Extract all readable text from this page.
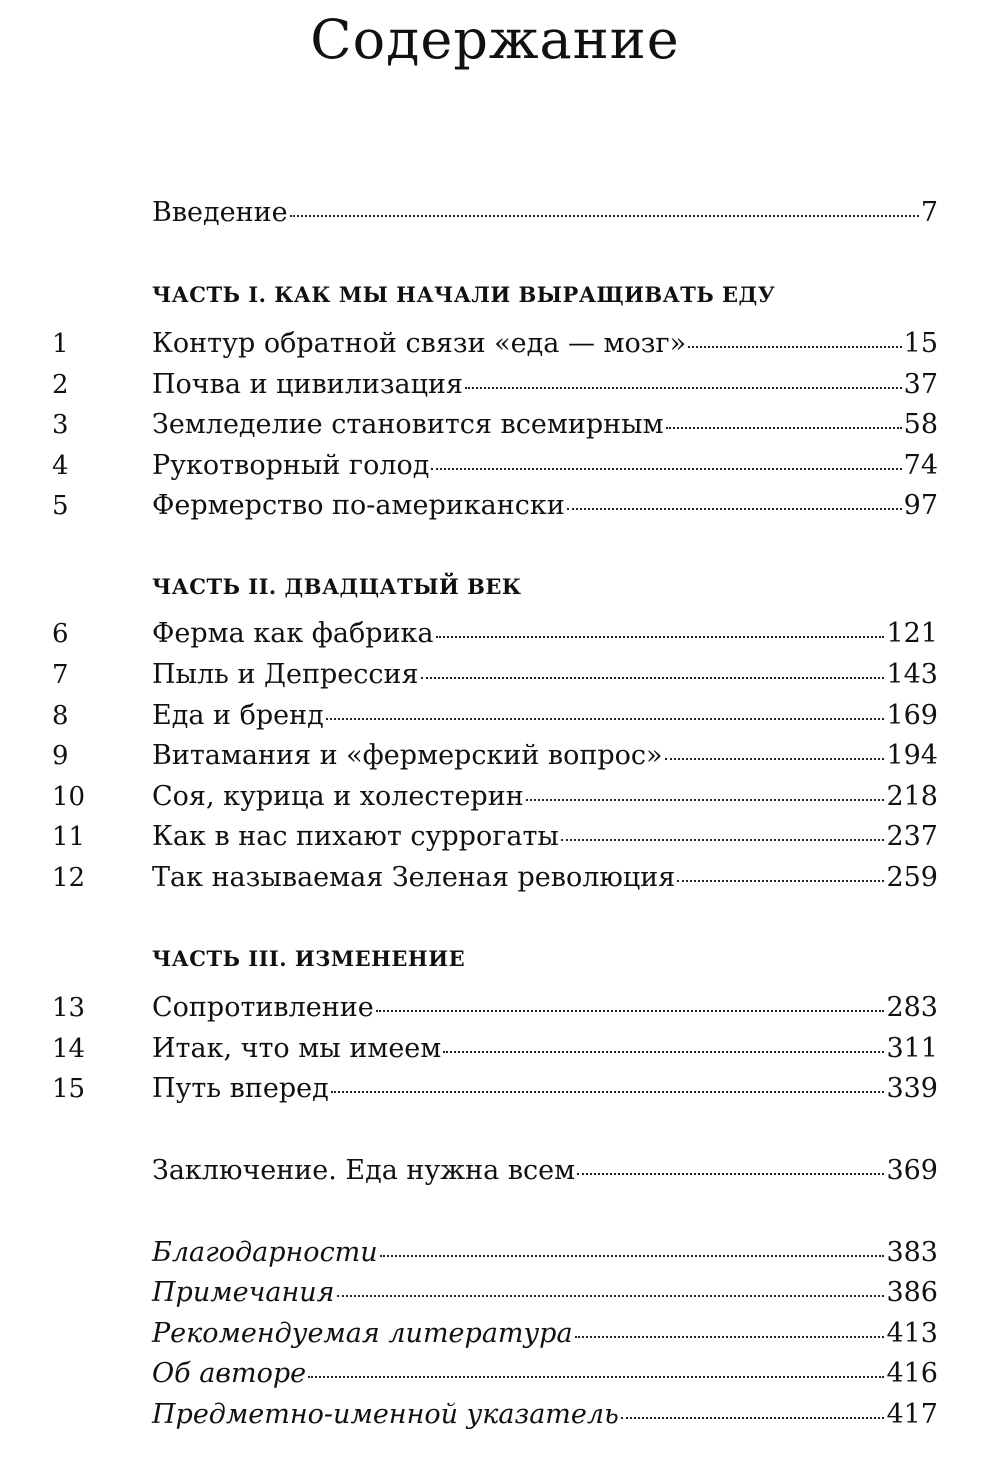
Содержание
Введение	7
ЧАСТЬ I. КАК МЫ НАЧАЛИ ВЫРАЩИВАТЬ ЕДУ
1	Контур обратной связи «еда — мозг»	15
2	Почва и цивилизация	37
3	Земледелие становится всемирным	58
4	Рукотворный голод	74
5	Фермерство по-американски	97
ЧАСТЬ II. ДВАДЦАТЫЙ ВЕК
6	Ферма как фабрика	121
7	Пыль и Депрессия	143
8	Еда и бренд	169
9	Витамания и «фермерский вопрос»	194
10 Соя, курица и холестерин	218
11 Как в нас пихают суррогаты	237
12 Так называемая Зеленая революция	259
ЧАСТЬ III. ИЗМЕНЕНИЕ
13 Сопротивление	283
14 Итак, что мы имеем	311
15 Путь вперед	339
Заключение. Еда нужна всем	369
Благодарности	383
Примечания	386
Рекомендуемая литература	413
Об авторе	416
Предметно-именной указатель	417
